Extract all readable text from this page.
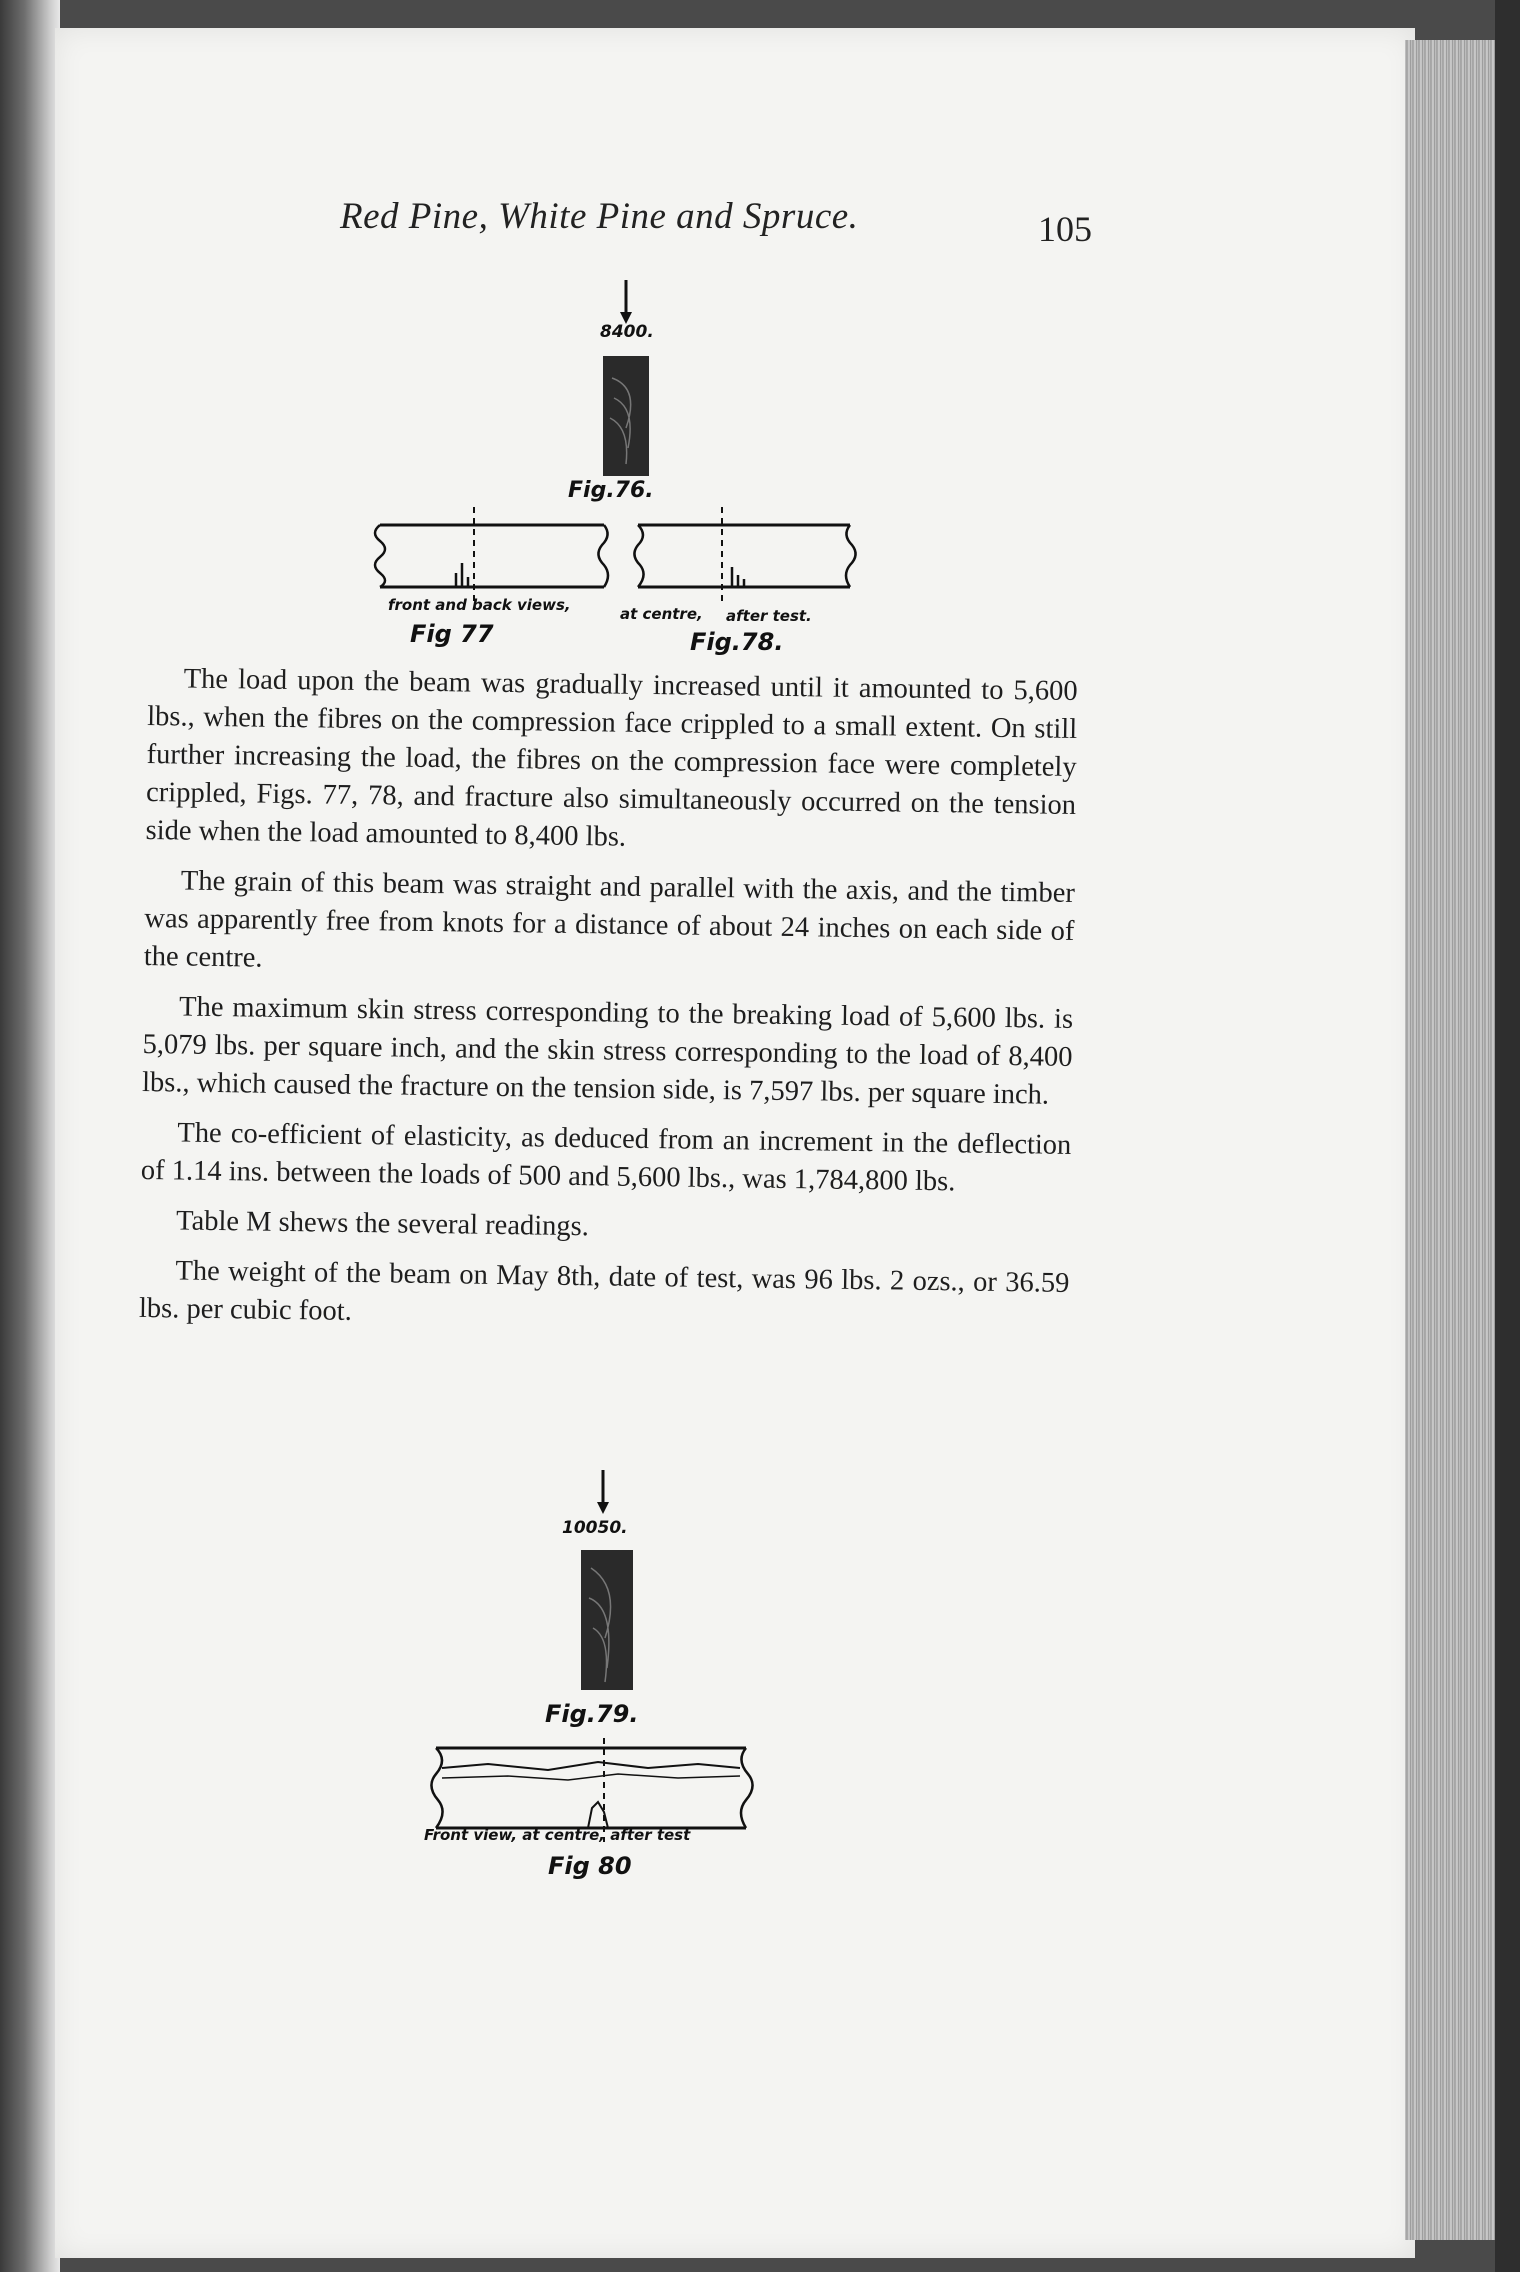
Red Pine, White Pine and Spruce.	105
8400.
Fig.76.
front and back views,	at centre, after test.
Fig 77	Fig.78.

The load upon the beam was gradually increased until it amounted to 5,600 lbs., when the fibres on the compression face crippled to a small extent. On still further increasing the load, the fibres on the compression face were completely crippled, Figs. 77, 78, and fracture also simultaneously occurred on the tension side when the load amounted to 8,400 lbs.

The grain of this beam was straight and parallel with the axis, and the timber was apparently free from knots for a distance of about 24 inches on each side of the centre.

The maximum skin stress corresponding to the breaking load of 5,600 lbs. is 5,079 lbs. per square inch, and the skin stress corresponding to the load of 8,400 lbs., which caused the fracture on the tension side, is 7,597 lbs. per square inch.

The co-efficient of elasticity, as deduced from an increment in the deflection of 1.14 ins. between the loads of 500 and 5,600 lbs., was 1,784,800 lbs.

Table M shews the several readings.

The weight of the beam on May 8th, date of test, was 96 lbs. 2 ozs., or 36.59 lbs. per cubic foot.

10050.
Fig.79.
Front view, at centre, after test
Fig 80
